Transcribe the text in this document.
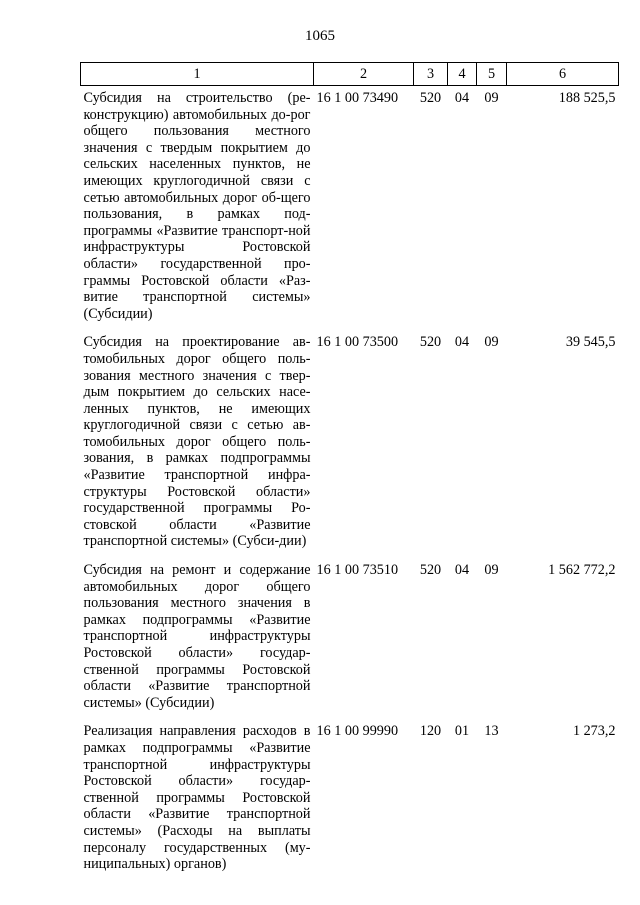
1065
1	2	3	4	5	6
Субсидия на строительство (ре-конструкцию) автомобильных до-рог общего пользования местного значения с твердым покрытием до сельских населенных пунктов, не имеющих круглогодичной связи с сетью автомобильных дорог об-щего пользования, в рамках под-программы «Развитие транспорт-ной инфраструктуры Ростовской области» государственной про-граммы Ростовской области «Раз-витие транспортной системы» (Субсидии)	16 1 00 73490	520	04	09	188 525,5
Субсидия на проектирование ав-томобильных дорог общего поль-зования местного значения с твер-дым покрытием до сельских насе-ленных пунктов, не имеющих круглогодичной связи с сетью ав-томобильных дорог общего поль-зования, в рамках подпрограммы «Развитие транспортной инфра-структуры Ростовской области» государственной программы Ро-стовской области «Развитие транспортной системы» (Субси-дии)	16 1 00 73500	520	04	09	39 545,5
Субсидия на ремонт и содержание автомобильных дорог общего пользования местного значения в рамках подпрограммы «Развитие транспортной инфраструктуры Ростовской области» государ-ственной программы Ростовской области «Развитие транспортной системы» (Субсидии)	16 1 00 73510	520	04	09	1 562 772,2
Реализация направления расходов в рамках подпрограммы «Развитие транспортной инфраструктуры Ростовской области» государ-ственной программы Ростовской области «Развитие транспортной системы» (Расходы на выплаты персоналу государственных (му-ниципальных) органов)	16 1 00 99990	120	01	13	1 273,2
